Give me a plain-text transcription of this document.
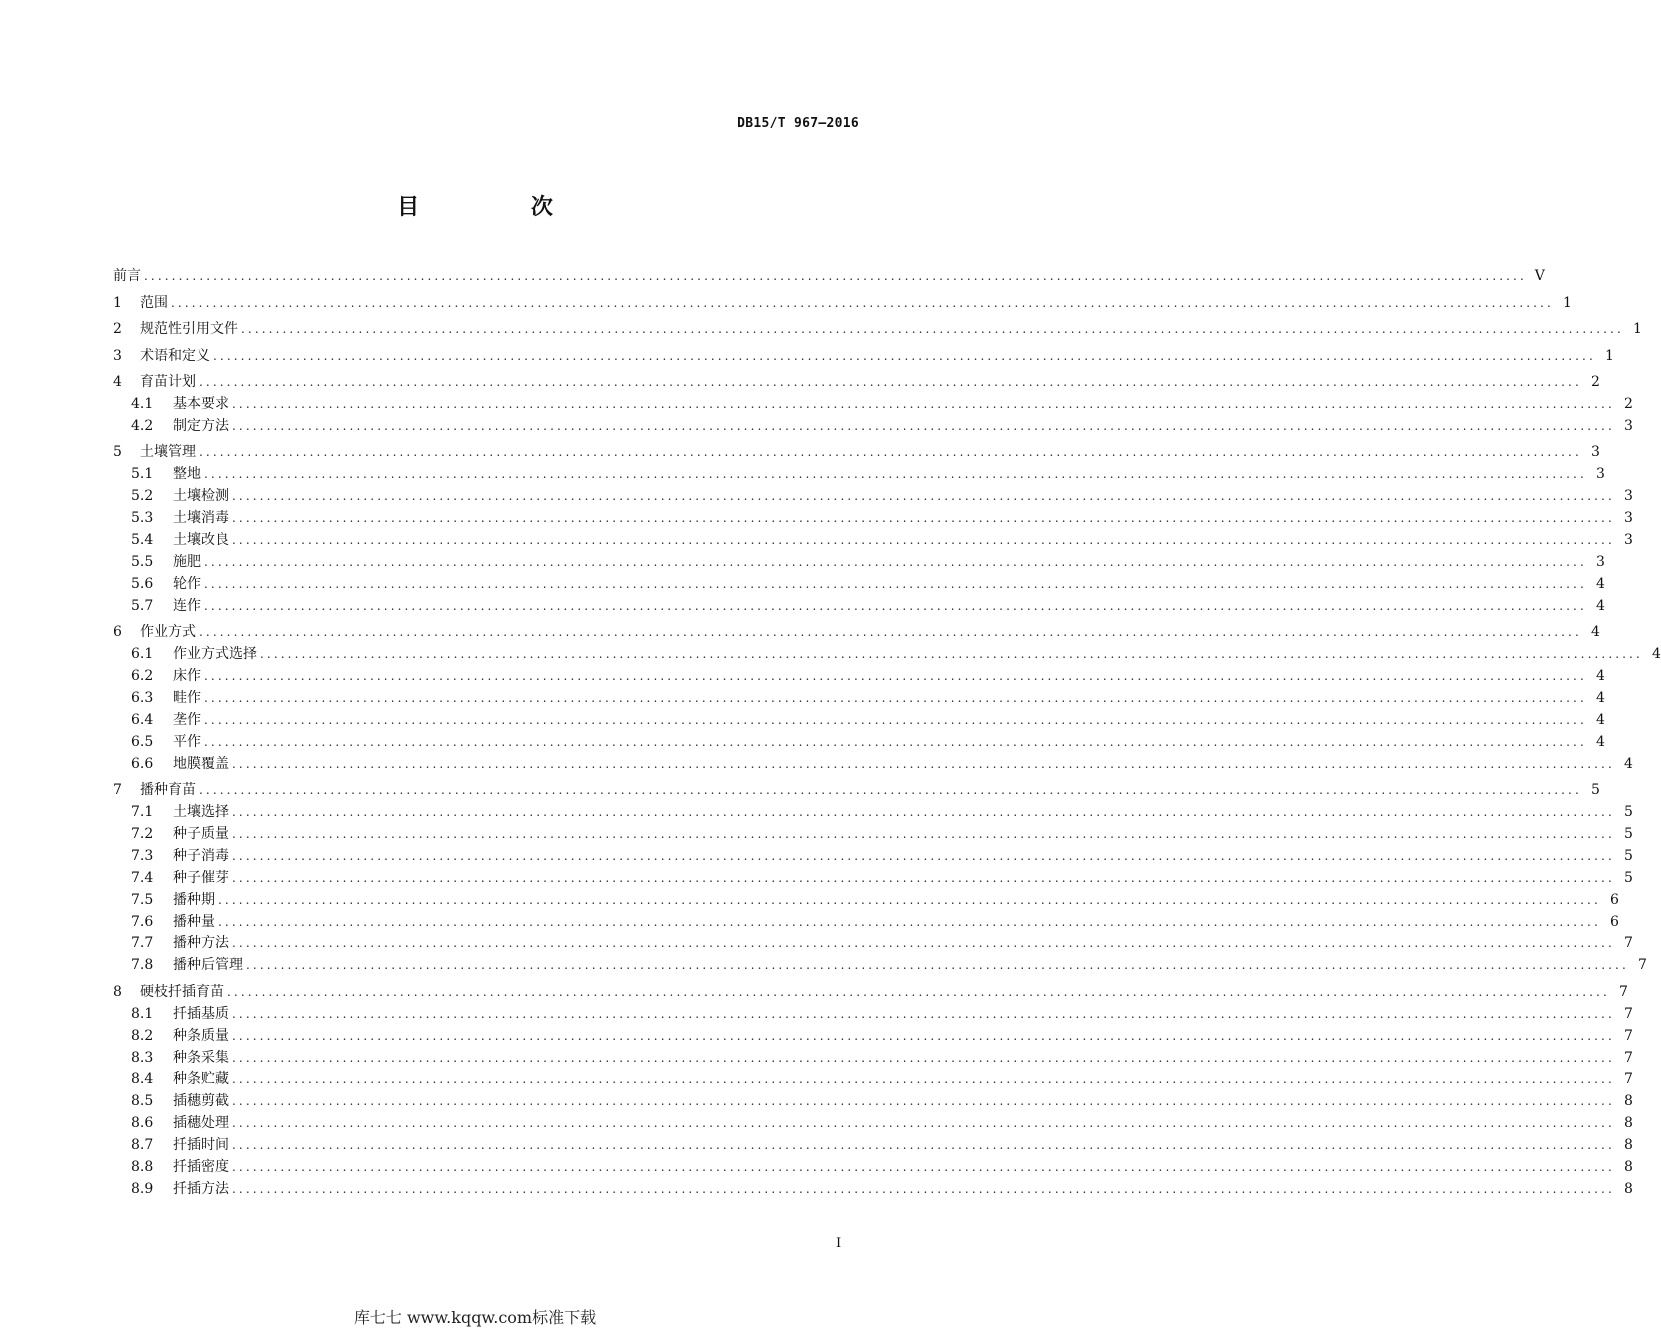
DB15/T 967—2016
目 次
前言 ........................................................................................................................................................................................................ V
1	范围 ........................................................................................................................................................................................................ 1
2	规范性引用文件 ........................................................................................................................................................................................................ 1
3	术语和定义 ........................................................................................................................................................................................................ 1
4	育苗计划 ........................................................................................................................................................................................................ 2
4.1	基本要求 ........................................................................................................................................................................................................ 2
4.2	制定方法 ........................................................................................................................................................................................................ 3
5	土壤管理 ........................................................................................................................................................................................................ 3
5.1	整地 ........................................................................................................................................................................................................ 3
5.2	土壤检测 ........................................................................................................................................................................................................ 3
5.3	土壤消毒 ........................................................................................................................................................................................................ 3
5.4	土壤改良 ........................................................................................................................................................................................................ 3
5.5	施肥 ........................................................................................................................................................................................................ 3
5.6	轮作 ........................................................................................................................................................................................................ 4
5.7	连作 ........................................................................................................................................................................................................ 4
6	作业方式 ........................................................................................................................................................................................................ 4
6.1	作业方式选择 ........................................................................................................................................................................................................ 4
6.2	床作 ........................................................................................................................................................................................................ 4
6.3	畦作 ........................................................................................................................................................................................................ 4
6.4	垄作 ........................................................................................................................................................................................................ 4
6.5	平作 ........................................................................................................................................................................................................ 4
6.6	地膜覆盖 ........................................................................................................................................................................................................ 4
7	播种育苗 ........................................................................................................................................................................................................ 5
7.1	土壤选择 ........................................................................................................................................................................................................ 5
7.2	种子质量 ........................................................................................................................................................................................................ 5
7.3	种子消毒 ........................................................................................................................................................................................................ 5
7.4	种子催芽 ........................................................................................................................................................................................................ 5
7.5	播种期 ........................................................................................................................................................................................................ 6
7.6	播种量 ........................................................................................................................................................................................................ 6
7.7	播种方法 ........................................................................................................................................................................................................ 7
7.8	播种后管理 ........................................................................................................................................................................................................ 7
8	硬枝扦插育苗 ........................................................................................................................................................................................................ 7
8.1	扦插基质 ........................................................................................................................................................................................................ 7
8.2	种条质量 ........................................................................................................................................................................................................ 7
8.3	种条采集 ........................................................................................................................................................................................................ 7
8.4	种条贮藏 ........................................................................................................................................................................................................ 7
8.5	插穗剪截 ........................................................................................................................................................................................................ 8
8.6	插穗处理 ........................................................................................................................................................................................................ 8
8.7	扦插时间 ........................................................................................................................................................................................................ 8
8.8	扦插密度 ........................................................................................................................................................................................................ 8
8.9	扦插方法 ........................................................................................................................................................................................................ 8
I
库七七 www.kqqw.com标准下载
